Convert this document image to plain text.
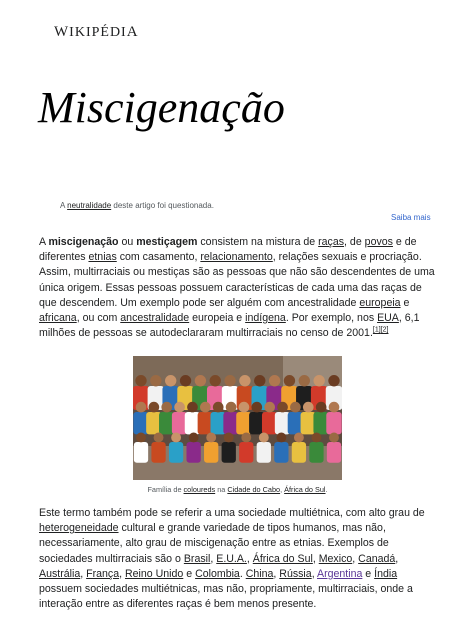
WIKIPÉDIA
Miscigenação
A neutralidade deste artigo foi questionada.
Saiba mais

A miscigenação ou mestiçagem consistem na mistura de raças, de povos e de diferentes etnias com casamento, relacionamento, relações sexuais e procriação. Assim, multirraciais ou mestiças são as pessoas que não são descendentes de uma única origem. Essas pessoas possuem características de cada uma das raças de que descendem. Um exemplo pode ser alguém com ancestralidade europeia e africana, ou com ancestralidade europeia e indígena. Por exemplo, nos EUA, 6,1 milhões de pessoas se autodeclararam multirraciais no censo de 2001.[1][2]

Família de coloureds na Cidade do Cabo, África do Sul.

Este termo também pode se referir a uma sociedade multiétnica, com alto grau de heterogeneidade cultural e grande variedade de tipos humanos, mas não, necessariamente, alto grau de miscigenação entre as etnias. Exemplos de sociedades multirraciais são o Brasil, E.U.A., África do Sul, Mexico, Canadá, Austrália, França, Reino Unido e Colombia. China, Rússia, Argentina e Índia possuem sociedades multiétnicas, mas não, propriamente, multirraciais, onde a interação entre as diferentes raças é bem menos presente.
